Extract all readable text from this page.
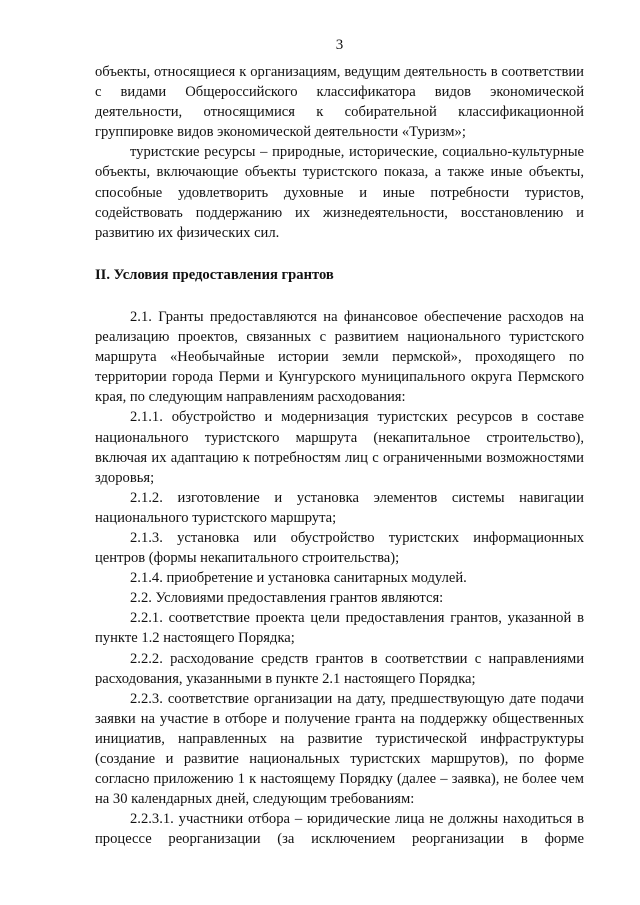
3

объекты, относящиеся к организациям, ведущим деятельность в соответствии с видами Общероссийского классификатора видов экономической деятельности, относящимися к собирательной классификационной группировке видов экономической деятельности «Туризм»;

туристские ресурсы – природные, исторические, социально-культурные объекты, включающие объекты туристского показа, а также иные объекты, способные удовлетворить духовные и иные потребности туристов, содействовать поддержанию их жизнедеятельности, восстановлению и развитию их физических сил.

II. Условия предоставления грантов

2.1. Гранты предоставляются на финансовое обеспечение расходов на реализацию проектов, связанных с развитием национального туристского маршрута «Необычайные истории земли пермской», проходящего по территории города Перми и Кунгурского муниципального округа Пермского края, по следующим направлениям расходования:

2.1.1. обустройство и модернизация туристских ресурсов в составе национального туристского маршрута (некапитальное строительство), включая их адаптацию к потребностям лиц с ограниченными возможностями здоровья;

2.1.2. изготовление и установка элементов системы навигации национального туристского маршрута;

2.1.3. установка или обустройство туристских информационных центров (формы некапитального строительства);

2.1.4. приобретение и установка санитарных модулей.

2.2. Условиями предоставления грантов являются:

2.2.1. соответствие проекта цели предоставления грантов, указанной в пункте 1.2 настоящего Порядка;

2.2.2. расходование средств грантов в соответствии с направлениями расходования, указанными в пункте 2.1 настоящего Порядка;

2.2.3. соответствие организации на дату, предшествующую дате подачи заявки на участие в отборе и получение гранта на поддержку общественных инициатив, направленных на развитие туристической инфраструктуры (создание и развитие национальных туристских маршрутов), по форме согласно приложению 1 к настоящему Порядку (далее – заявка), не более чем на 30 календарных дней, следующим требованиям:

2.2.3.1. участники отбора – юридические лица не должны находиться в процессе реорганизации (за исключением реорганизации в форме
